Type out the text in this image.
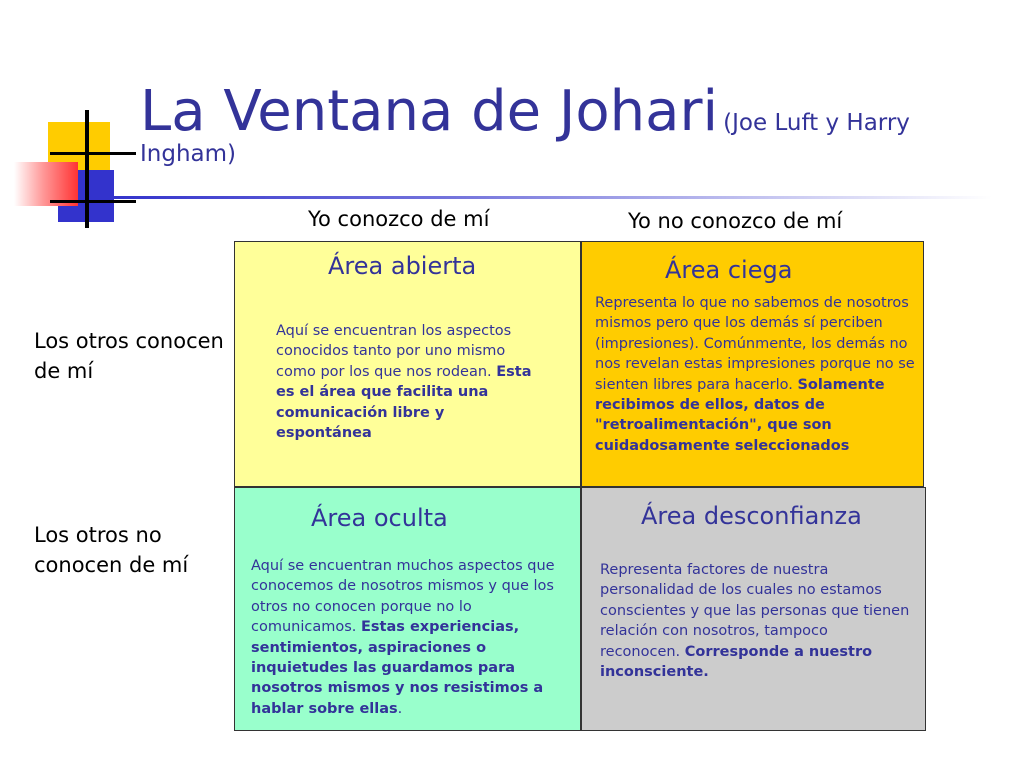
La Ventana de Johari (Joe Luft y Harry Ingham)
Yo conozco de mí	Yo no conozco de mí
Los otros conocen de mí
Los otros no conocen de mí
Área abierta
Aquí se encuentran los aspectos conocidos tanto por uno mismo como por los que nos rodean. Esta es el área que facilita una comunicación libre y espontánea
Área ciega
Representa lo que no sabemos de nosotros mismos pero que los demás sí perciben (impresiones). Comúnmente, los demás no nos revelan estas impresiones porque no se sienten libres para hacerlo. Solamente recibimos de ellos, datos de "retroalimentación", que son cuidadosamente seleccionados
Área oculta
Aquí se encuentran muchos aspectos que conocemos de nosotros mismos y que los otros no conocen porque no lo comunicamos. Estas experiencias, sentimientos, aspiraciones o inquietudes las guardamos para nosotros mismos y nos resistimos a hablar sobre ellas.
Área desconfianza
Representa factores de nuestra personalidad de los cuales no estamos conscientes y que las personas que tienen relación con nosotros, tampoco reconocen. Corresponde a nuestro inconsciente.
